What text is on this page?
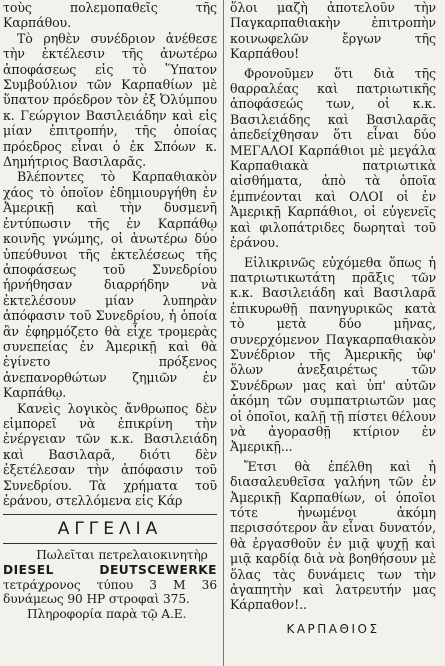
τοὺς πολεμοπαθεῖς τῆς Καρπάθου.

Τὸ ρηθὲν συνέδριον ἀνέθεσε τὴν ἐκτέλεσιν τῆς ἀνωτέρω ἀποφάσεως εἰς τὸ Ὕπατον Συμβούλιον τῶν Καρπαθίων μὲ ὕπατον πρόεδρον τὸν ἐξ Ὀλύμπου κ. Γεώργιον Βασιλειάδην καὶ εἰς μίαν ἐπιτροπήν, τῆς ὁποίας πρόεδρος εἶναι ὁ ἐκ Σπόων κ. Δημήτριος Βασιλαρᾶς.

Βλέποντες τὸ Καρπαθιακὸν χάος τὸ ὁποῖον ἐδημιουργήθη ἐν Ἀμερικῇ καὶ τὴν δυσμενῆ ἐντύπωσιν τῆς ἐν Καρπάθῳ κοινῆς γνώμης, οἱ ἀνωτέρω δύο ὑπεύθυνοι τῆς ἐκτελέσεως τῆς ἀποφάσεως τοῦ Συνεδρίου ἠρνήθησαν διαρρήδην νὰ ἐκτελέσουν μίαν λυπηρὰν ἀπόφασιν τοῦ Συνεδρίου, ἡ ὁποία ἂν ἐφηρμόζετο θὰ εἶχε τρομερὰς συνεπείας ἐν Ἀμερικῇ καὶ θὰ ἐγίνετο πρόξενος ἀνεπανορθώτων ζημιῶν ἐν Καρπάθῳ.

Κανεὶς λογικὸς ἄνθρωπος δὲν εἰμπορεῖ νὰ ἐπικρίνη τὴν ἐνέργειαν τῶν κ.κ. Βασιλειάδη καὶ Βασιλαρᾶ, διότι δὲν ἐξετέλεσαν τὴν ἀπόφασιν τοῦ Συνεδρίου. Τὰ χρήματα τοῦ ἐράνου, στελλόμενα εἰς Κάρ

ΑΓΓΕΛΙΑ

Πωλεῖται πετρελαιοκινητὴρ

DIESEL DEUTSCEWERKE τετράχρονος τύπου 3 Μ 36 δυνάμεως 90 ΗΡ στροφαὶ 375.

Πληροφορία παρὰ τῷ Α.Ε.

ὅλοι μαζὴ ἀποτελοῦν τὴν Παγκαρπαθιακὴν ἐπιτροπὴν κοινωφελῶν ἔργων τῆς Καρπάθου!

Φρονοῦμεν ὅτι διὰ τῆς θαρραλέας καὶ πατριωτικῆς ἀποφάσεώς των, οἱ κ.κ. Βασιλειάδης καὶ Βασιλαρᾶς ἀπεδείχθησαν ὅτι εἶναι δύο ΜΕΓΑΛΟΙ Καρπάθιοι μὲ μεγάλα Καρπαθιακὰ πατριωτικὰ αἰσθήματα, ἀπὸ τὰ ὁποῖα ἐμπνέονται καὶ ΟΛΟΙ οἱ ἐν Ἀμερικῇ Καρπάθιοι, οἱ εὐγενεῖς καὶ φιλοπάτριδες δωρηταὶ τοῦ ἐράνου.

Εἰλικρινῶς εὐχόμεθα ὅπως ἡ πατριωτικωτάτη πρᾶξις τῶν κ.κ. Βασιλειάδη καὶ Βασιλαρᾶ ἐπικυρωθῇ πανηγυρικῶς κατὰ τὸ μετὰ δύο μῆνας, συνερχόμενον Παγκαρπαθιακὸν Συνέδριον τῆς Ἀμερικῆς ὑφ' ὅλων ἀνεξαιρέτως τῶν Συνέδρων μας καὶ ὑπ' αὐτῶν ἀκόμη τῶν συμπατριωτῶν μας οἱ ὁποῖοι, καλῇ τῇ πίστει θέλουν νὰ ἀγορασθῇ κτίριον ἐν Ἀμερικῇ...

Ἔτσι θὰ ἐπέλθη καὶ ἡ διασαλευθεῖσα γαλήνη τῶν ἐν Ἀμερικῇ Καρπαθίων, οἱ ὁποῖοι τότε ἡνωμένοι ἀκόμη περισσότερον ἂν εἶναι δυνατόν, θὰ ἐργασθοῦν ἐν μιᾷ ψυχῇ καὶ μιᾷ καρδίᾳ διὰ νὰ βοηθήσουν μὲ ὅλας τὰς δυνάμεις των τὴν ἀγαπητὴν καὶ λατρευτήν μας Κάρπαθον!..

ΚΑΡΠΑΘΙΟΣ
